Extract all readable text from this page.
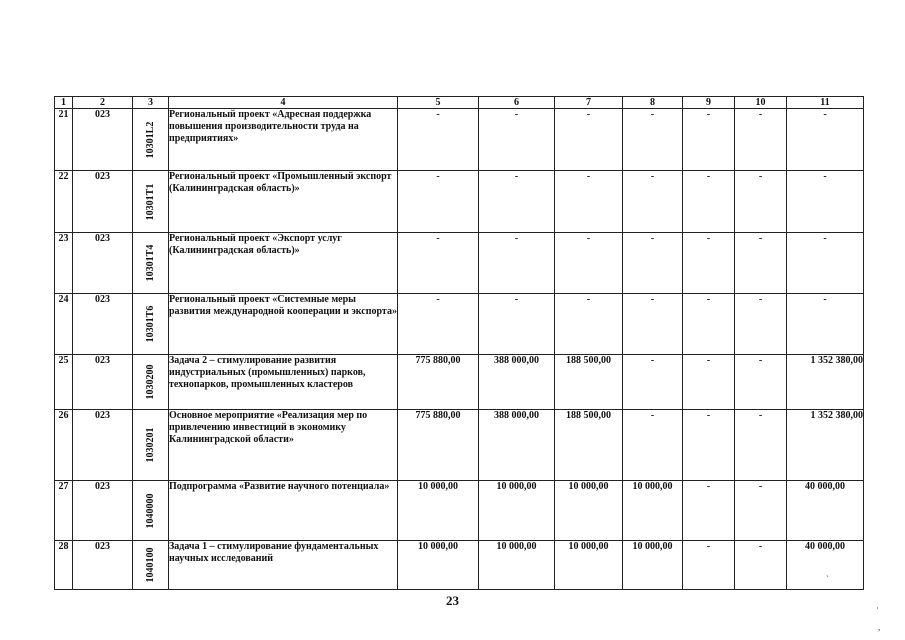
1	2	3	4	5	6	7	8	9	10	11
21	023	10301L2	Региональный проект «Адресная поддержка повышения производительности труда на предприятиях»	-	-	-	-	-	-	-
22	023	10301T1	Региональный проект «Промышленный экспорт (Калининградская область)»	-	-	-	-	-	-	-
23	023	10301T4	Региональный проект «Экспорт услуг (Калининградская область)»	-	-	-	-	-	-	-
24	023	10301T6	Региональный проект «Системные меры развития международной кооперации и экспорта»	-	-	-	-	-	-	-
25	023	1030200	Задача 2 – стимулирование развития индустриальных (промышленных) парков, технопарков, промышленных кластеров	775 880,00	388 000,00	188 500,00	-	-	-	1 352 380,00
26	023	1030201	Основное мероприятие «Реализация мер по привлечению инвестиций в экономику Калининградской области»	775 880,00	388 000,00	188 500,00	-	-	-	1 352 380,00
27	023	1040000	Подпрограмма «Развитие научного потенциала»	10 000,00	10 000,00	10 000,00	10 000,00	-	-	40 000,00
28	023	1040100	Задача 1 – стимулирование фундаментальных научных исследований	10 000,00	10 000,00	10 000,00	10 000,00	-	-	40 000,00
23
`
ʾ
,
